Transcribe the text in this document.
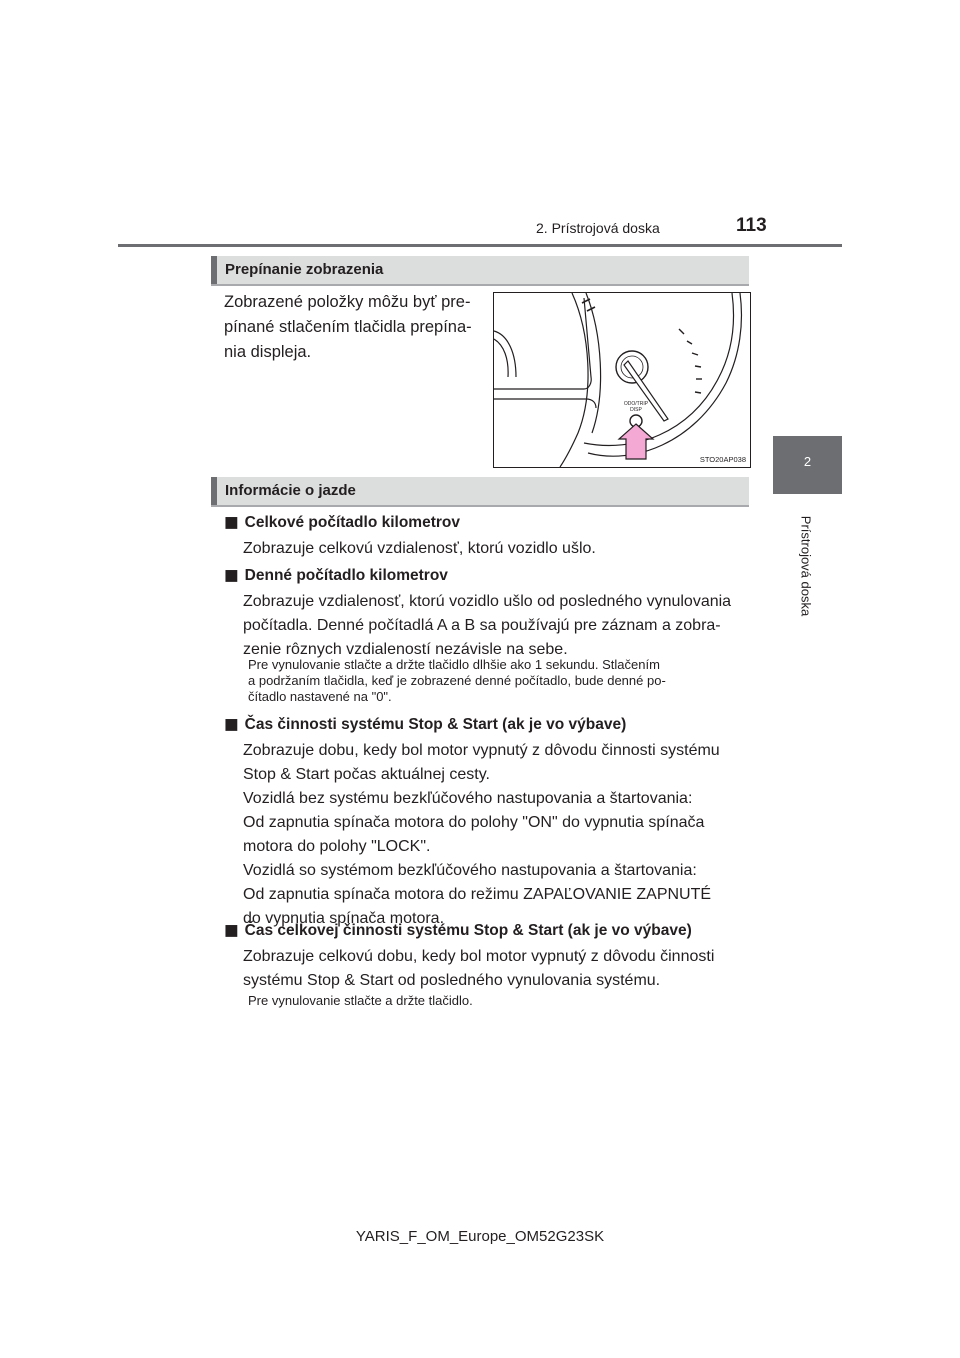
2. Prístrojová doska	113
2
Prístrojová doska
Prepínanie zobrazenia
Zobrazené položky môžu byť pre-
pínané stlačením tlačidla prepína-
nia displeja.
ODO/TRIP
DISP
STO20AP038
Informácie o jazde
■ Celkové počítadlo kilometrov
Zobrazuje celkovú vzdialenosť, ktorú vozidlo ušlo.
■ Denné počítadlo kilometrov
Zobrazuje vzdialenosť, ktorú vozidlo ušlo od posledného vynulovania
počítadla. Denné počítadlá A a B sa používajú pre záznam a zobra-
zenie rôznych vzdialeností nezávisle na sebe.
Pre vynulovanie stlačte a držte tlačidlo dlhšie ako 1 sekundu. Stlačením
a podržaním tlačidla, keď je zobrazené denné počítadlo, bude denné po-
čítadlo nastavené na "0".
■ Čas činnosti systému Stop & Start (ak je vo výbave)
Zobrazuje dobu, kedy bol motor vypnutý z dôvodu činnosti systému
Stop & Start počas aktuálnej cesty.
Vozidlá bez systému bezkľúčového nastupovania a štartovania:
Od zapnutia spínača motora do polohy "ON" do vypnutia spínača
motora do polohy "LOCK".
Vozidlá so systémom bezkľúčového nastupovania a štartovania:
Od zapnutia spínača motora do režimu ZAPAĽOVANIE ZAPNUTÉ
do vypnutia spínača motora.
■ Čas celkovej činnosti systému Stop & Start (ak je vo výbave)
Zobrazuje celkovú dobu, kedy bol motor vypnutý z dôvodu činnosti
systému Stop & Start od posledného vynulovania systému.
Pre vynulovanie stlačte a držte tlačidlo.
YARIS_F_OM_Europe_OM52G23SK
